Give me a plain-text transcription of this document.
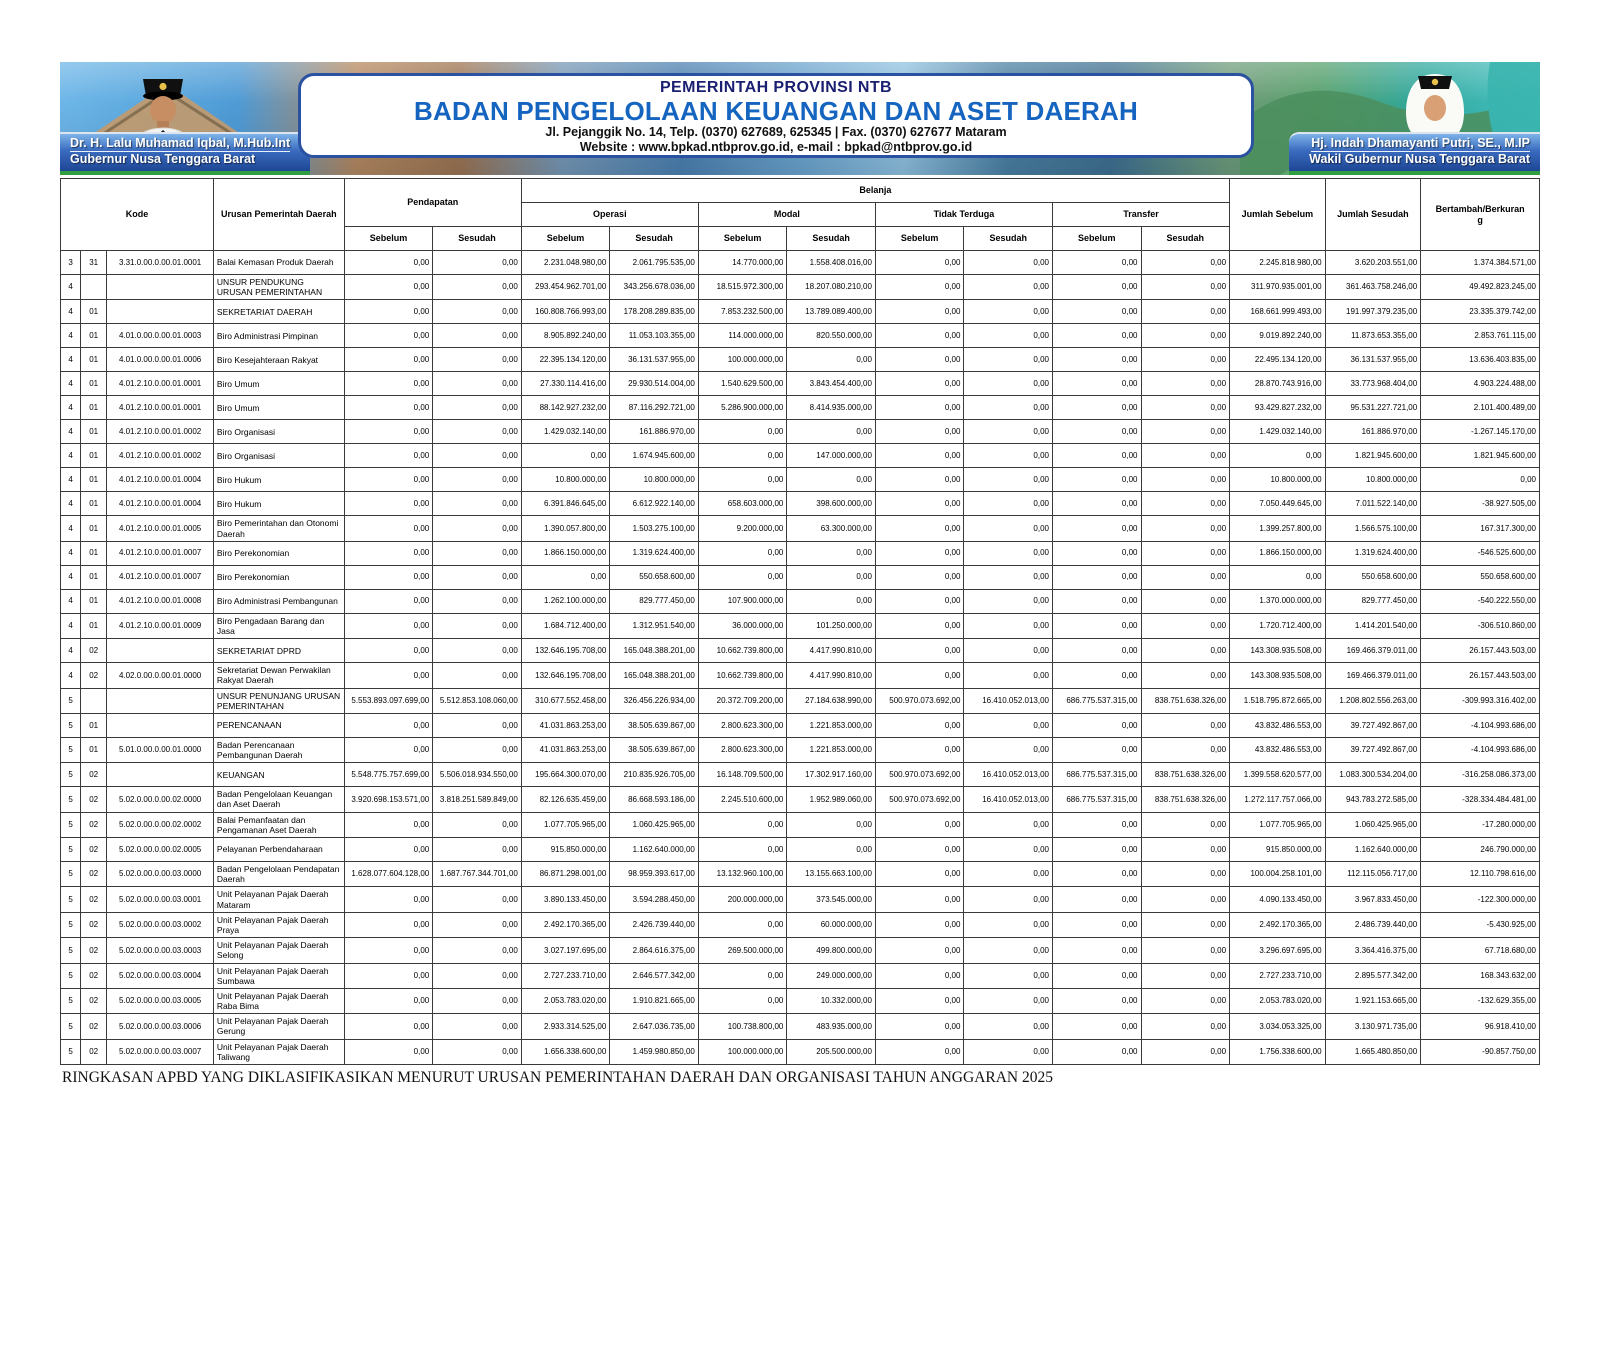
PEMERINTAH PROVINSI NTB
BADAN PENGELOLAAN KEUANGAN DAN ASET DAERAH
Jl. Pejanggik No. 14, Telp. (0370) 627689, 625345 | Fax. (0370) 627677 Mataram
Website : www.bpkad.ntbprov.go.id, e-mail : bpkad@ntbprov.go.id
Dr. H. Lalu Muhamad Iqbal, M.Hub.Int
Gubernur Nusa Tenggara Barat
Hj. Indah Dhamayanti Putri, SE., M.IP
Wakil Gubernur Nusa Tenggara Barat
Kode			Urusan Pemerintah Daerah	Pendapatan		Belanja								Jumlah Sebelum	Jumlah Sesudah	Bertambah/Berkurang
						Operasi		Modal		Tidak Terduga		Transfer				
				Sebelum	Sesudah	Sebelum	Sesudah	Sebelum	Sesudah	Sebelum	Sesudah	Sebelum	Sesudah			
3	31	3.31.0.00.0.00.01.0001	Balai Kemasan Produk Daerah	0,00	0,00	2.231.048.980,00	2.061.795.535,00	14.770.000,00	1.558.408.016,00	0,00	0,00	0,00	0,00	2.245.818.980,00	3.620.203.551,00	1.374.384.571,00
4			UNSUR PENDUKUNG URUSAN PEMERINTAHAN	0,00	0,00	293.454.962.701,00	343.256.678.036,00	18.515.972.300,00	18.207.080.210,00	0,00	0,00	0,00	0,00	311.970.935.001,00	361.463.758.246,00	49.492.823.245,00
4	01		SEKRETARIAT DAERAH	0,00	0,00	160.808.766.993,00	178.208.289.835,00	7.853.232.500,00	13.789.089.400,00	0,00	0,00	0,00	0,00	168.661.999.493,00	191.997.379.235,00	23.335.379.742,00
4	01	4.01.0.00.0.00.01.0003	Biro Administrasi Pimpinan	0,00	0,00	8.905.892.240,00	11.053.103.355,00	114.000.000,00	820.550.000,00	0,00	0,00	0,00	0,00	9.019.892.240,00	11.873.653.355,00	2.853.761.115,00
4	01	4.01.0.00.0.00.01.0006	Biro Kesejahteraan Rakyat	0,00	0,00	22.395.134.120,00	36.131.537.955,00	100.000.000,00	0,00	0,00	0,00	0,00	0,00	22.495.134.120,00	36.131.537.955,00	13.636.403.835,00
4	01	4.01.2.10.0.00.01.0001	Biro Umum	0,00	0,00	27.330.114.416,00	29.930.514.004,00	1.540.629.500,00	3.843.454.400,00	0,00	0,00	0,00	0,00	28.870.743.916,00	33.773.968.404,00	4.903.224.488,00
4	01	4.01.2.10.0.00.01.0001	Biro Umum	0,00	0,00	88.142.927.232,00	87.116.292.721,00	5.286.900.000,00	8.414.935.000,00	0,00	0,00	0,00	0,00	93.429.827.232,00	95.531.227.721,00	2.101.400.489,00
4	01	4.01.2.10.0.00.01.0002	Biro Organisasi	0,00	0,00	1.429.032.140,00	161.886.970,00	0,00	0,00	0,00	0,00	0,00	0,00	1.429.032.140,00	161.886.970,00	-1.267.145.170,00
4	01	4.01.2.10.0.00.01.0002	Biro Organisasi	0,00	0,00	0,00	1.674.945.600,00	0,00	147.000.000,00	0,00	0,00	0,00	0,00	0,00	1.821.945.600,00	1.821.945.600,00
4	01	4.01.2.10.0.00.01.0004	Biro Hukum	0,00	0,00	10.800.000,00	10.800.000,00	0,00	0,00	0,00	0,00	0,00	0,00	10.800.000,00	10.800.000,00	0,00
4	01	4.01.2.10.0.00.01.0004	Biro Hukum	0,00	0,00	6.391.846.645,00	6.612.922.140,00	658.603.000,00	398.600.000,00	0,00	0,00	0,00	0,00	7.050.449.645,00	7.011.522.140,00	-38.927.505,00
4	01	4.01.2.10.0.00.01.0005	Biro Pemerintahan dan Otonomi Daerah	0,00	0,00	1.390.057.800,00	1.503.275.100,00	9.200.000,00	63.300.000,00	0,00	0,00	0,00	0,00	1.399.257.800,00	1.566.575.100,00	167.317.300,00
4	01	4.01.2.10.0.00.01.0007	Biro Perekonomian	0,00	0,00	1.866.150.000,00	1.319.624.400,00	0,00	0,00	0,00	0,00	0,00	0,00	1.866.150.000,00	1.319.624.400,00	-546.525.600,00
4	01	4.01.2.10.0.00.01.0007	Biro Perekonomian	0,00	0,00	0,00	550.658.600,00	0,00	0,00	0,00	0,00	0,00	0,00	0,00	550.658.600,00	550.658.600,00
4	01	4.01.2.10.0.00.01.0008	Biro Administrasi Pembangunan	0,00	0,00	1.262.100.000,00	829.777.450,00	107.900.000,00	0,00	0,00	0,00	0,00	0,00	1.370.000.000,00	829.777.450,00	-540.222.550,00
4	01	4.01.2.10.0.00.01.0009	Biro Pengadaan Barang dan Jasa	0,00	0,00	1.684.712.400,00	1.312.951.540,00	36.000.000,00	101.250.000,00	0,00	0,00	0,00	0,00	1.720.712.400,00	1.414.201.540,00	-306.510.860,00
4	02		SEKRETARIAT DPRD	0,00	0,00	132.646.195.708,00	165.048.388.201,00	10.662.739.800,00	4.417.990.810,00	0,00	0,00	0,00	0,00	143.308.935.508,00	169.466.379.011,00	26.157.443.503,00
4	02	4.02.0.00.0.00.01.0000	Sekretariat Dewan Perwakilan Rakyat Daerah	0,00	0,00	132.646.195.708,00	165.048.388.201,00	10.662.739.800,00	4.417.990.810,00	0,00	0,00	0,00	0,00	143.308.935.508,00	169.466.379.011,00	26.157.443.503,00
5			UNSUR PENUNJANG URUSAN PEMERINTAHAN	5.553.893.097.699,00	5.512.853.108.060,00	310.677.552.458,00	326.456.226.934,00	20.372.709.200,00	27.184.638.990,00	500.970.073.692,00	16.410.052.013,00	686.775.537.315,00	838.751.638.326,00	1.518.795.872.665,00	1.208.802.556.263,00	-309.993.316.402,00
5	01		PERENCANAAN	0,00	0,00	41.031.863.253,00	38.505.639.867,00	2.800.623.300,00	1.221.853.000,00	0,00	0,00	0,00	0,00	43.832.486.553,00	39.727.492.867,00	-4.104.993.686,00
5	01	5.01.0.00.0.00.01.0000	Badan Perencanaan Pembangunan Daerah	0,00	0,00	41.031.863.253,00	38.505.639.867,00	2.800.623.300,00	1.221.853.000,00	0,00	0,00	0,00	0,00	43.832.486.553,00	39.727.492.867,00	-4.104.993.686,00
5	02		KEUANGAN	5.548.775.757.699,00	5.506.018.934.550,00	195.664.300.070,00	210.835.926.705,00	16.148.709.500,00	17.302.917.160,00	500.970.073.692,00	16.410.052.013,00	686.775.537.315,00	838.751.638.326,00	1.399.558.620.577,00	1.083.300.534.204,00	-316.258.086.373,00
5	02	5.02.0.00.0.00.02.0000	Badan Pengelolaan Keuangan dan Aset Daerah	3.920.698.153.571,00	3.818.251.589.849,00	82.126.635.459,00	86.668.593.186,00	2.245.510.600,00	1.952.989.060,00	500.970.073.692,00	16.410.052.013,00	686.775.537.315,00	838.751.638.326,00	1.272.117.757.066,00	943.783.272.585,00	-328.334.484.481,00
5	02	5.02.0.00.0.00.02.0002	Balai Pemanfaatan dan Pengamanan Aset Daerah	0,00	0,00	1.077.705.965,00	1.060.425.965,00	0,00	0,00	0,00	0,00	0,00	0,00	1.077.705.965,00	1.060.425.965,00	-17.280.000,00
5	02	5.02.0.00.0.00.02.0005	Pelayanan Perbendaharaan	0,00	0,00	915.850.000,00	1.162.640.000,00	0,00	0,00	0,00	0,00	0,00	0,00	915.850.000,00	1.162.640.000,00	246.790.000,00
5	02	5.02.0.00.0.00.03.0000	Badan Pengelolaan Pendapatan Daerah	1.628.077.604.128,00	1.687.767.344.701,00	86.871.298.001,00	98.959.393.617,00	13.132.960.100,00	13.155.663.100,00	0,00	0,00	0,00	0,00	100.004.258.101,00	112.115.056.717,00	12.110.798.616,00
5	02	5.02.0.00.0.00.03.0001	Unit Pelayanan Pajak Daerah Mataram	0,00	0,00	3.890.133.450,00	3.594.288.450,00	200.000.000,00	373.545.000,00	0,00	0,00	0,00	0,00	4.090.133.450,00	3.967.833.450,00	-122.300.000,00
5	02	5.02.0.00.0.00.03.0002	Unit Pelayanan Pajak Daerah Praya	0,00	0,00	2.492.170.365,00	2.426.739.440,00	0,00	60.000.000,00	0,00	0,00	0,00	0,00	2.492.170.365,00	2.486.739.440,00	-5.430.925,00
5	02	5.02.0.00.0.00.03.0003	Unit Pelayanan Pajak Daerah Selong	0,00	0,00	3.027.197.695,00	2.864.616.375,00	269.500.000,00	499.800.000,00	0,00	0,00	0,00	0,00	3.296.697.695,00	3.364.416.375,00	67.718.680,00
5	02	5.02.0.00.0.00.03.0004	Unit Pelayanan Pajak Daerah Sumbawa	0,00	0,00	2.727.233.710,00	2.646.577.342,00	0,00	249.000.000,00	0,00	0,00	0,00	0,00	2.727.233.710,00	2.895.577.342,00	168.343.632,00
5	02	5.02.0.00.0.00.03.0005	Unit Pelayanan Pajak Daerah Raba Bima	0,00	0,00	2.053.783.020,00	1.910.821.665,00	0,00	10.332.000,00	0,00	0,00	0,00	0,00	2.053.783.020,00	1.921.153.665,00	-132.629.355,00
5	02	5.02.0.00.0.00.03.0006	Unit Pelayanan Pajak Daerah Gerung	0,00	0,00	2.933.314.525,00	2.647.036.735,00	100.738.800,00	483.935.000,00	0,00	0,00	0,00	0,00	3.034.053.325,00	3.130.971.735,00	96.918.410,00
5	02	5.02.0.00.0.00.03.0007	Unit Pelayanan Pajak Daerah Taliwang	0,00	0,00	1.656.338.600,00	1.459.980.850,00	100.000.000,00	205.500.000,00	0,00	0,00	0,00	0,00	1.756.338.600,00	1.665.480.850,00	-90.857.750,00
RINGKASAN APBD YANG DIKLASIFIKASIKAN MENURUT URUSAN PEMERINTAHAN DAERAH DAN ORGANISASI TAHUN ANGGARAN 2025
